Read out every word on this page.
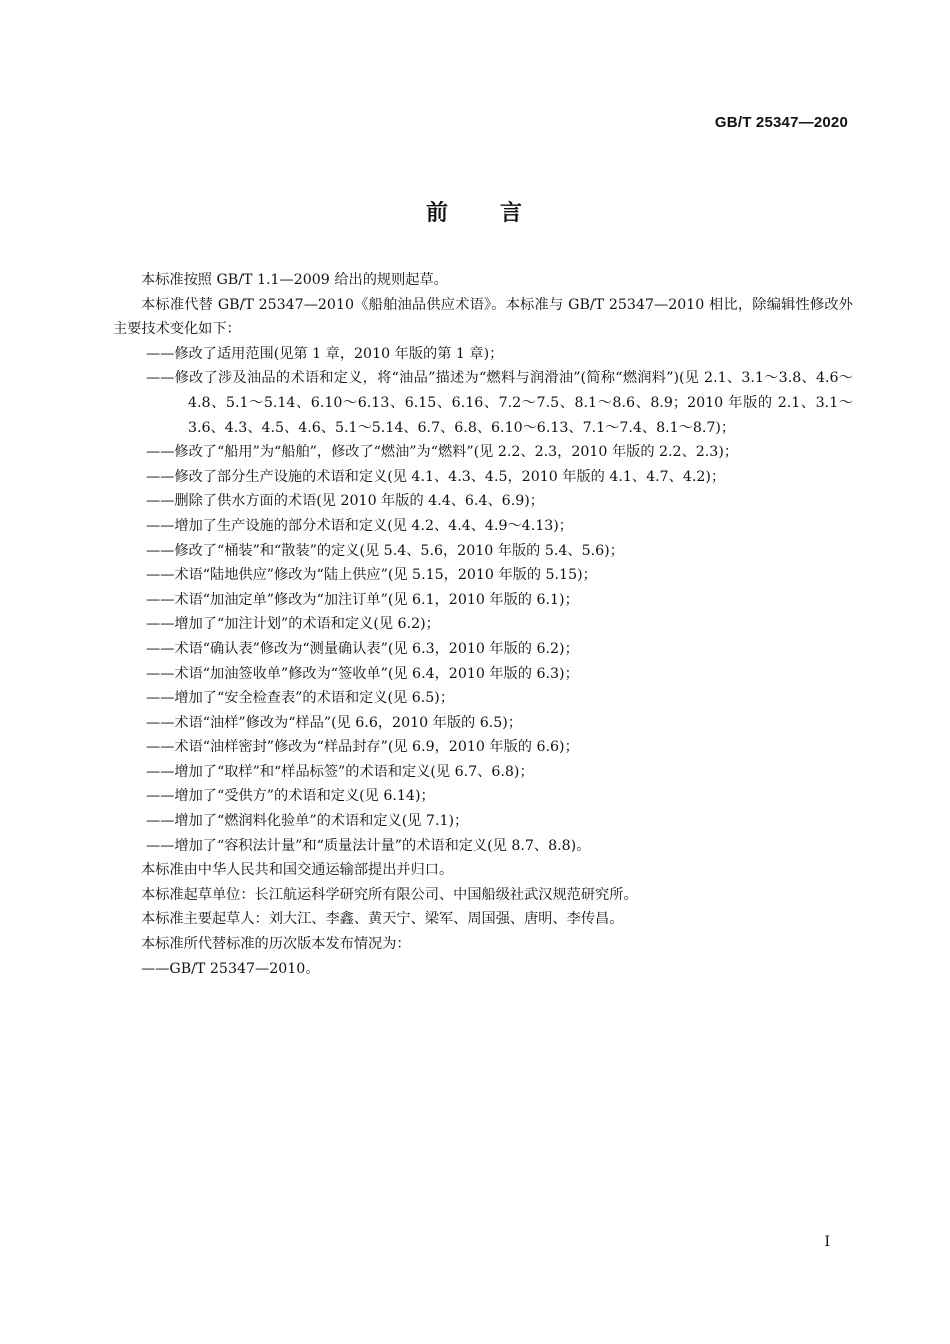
GB/T 25347—2020
前 言

本标准按照 GB/T 1.1—2009 给出的规则起草。

本标准代替 GB/T 25347—2010《船舶油品供应术语》。本标准与 GB/T 25347—2010 相比，除编辑性修改外主要技术变化如下：

——修改了适用范围(见第 1 章，2010 年版的第 1 章)；

——修改了涉及油品的术语和定义，将“油品”描述为“燃料与润滑油”(简称“燃润料”)(见 2.1、3.1～3.8、4.6～4.8、5.1～5.14、6.10～6.13、6.15、6.16、7.2～7.5、8.1～8.6、8.9；2010 年版的 2.1、3.1～3.6、4.3、4.5、4.6、5.1～5.14、6.7、6.8、6.10～6.13、7.1～7.4、8.1～8.7)；

——修改了“船用”为“船舶”，修改了“燃油”为“燃料”(见 2.2、2.3，2010 年版的 2.2、2.3)；

——修改了部分生产设施的术语和定义(见 4.1、4.3、4.5，2010 年版的 4.1、4.7、4.2)；

——删除了供水方面的术语(见 2010 年版的 4.4、6.4、6.9)；

——增加了生产设施的部分术语和定义(见 4.2、4.4、4.9～4.13)；

——修改了“桶装”和“散装”的定义(见 5.4、5.6，2010 年版的 5.4、5.6)；

——术语“陆地供应”修改为“陆上供应”(见 5.15，2010 年版的 5.15)；

——术语“加油定单”修改为“加注订单”(见 6.1，2010 年版的 6.1)；

——增加了“加注计划”的术语和定义(见 6.2)；

——术语“确认表”修改为“测量确认表”(见 6.3，2010 年版的 6.2)；

——术语“加油签收单”修改为“签收单”(见 6.4，2010 年版的 6.3)；

——增加了“安全检查表”的术语和定义(见 6.5)；

——术语“油样”修改为“样品”(见 6.6，2010 年版的 6.5)；

——术语“油样密封”修改为“样品封存”(见 6.9，2010 年版的 6.6)；

——增加了“取样”和“样品标签”的术语和定义(见 6.7、6.8)；

——增加了“受供方”的术语和定义(见 6.14)；

——增加了“燃润料化验单”的术语和定义(见 7.1)；

——增加了“容积法计量”和“质量法计量”的术语和定义(见 8.7、8.8)。

本标准由中华人民共和国交通运输部提出并归口。

本标准起草单位：长江航运科学研究所有限公司、中国船级社武汉规范研究所。

本标准主要起草人：刘大江、李鑫、黄天宁、梁军、周国强、唐明、李传昌。

本标准所代替标准的历次版本发布情况为：

——GB/T 25347—2010。

I
